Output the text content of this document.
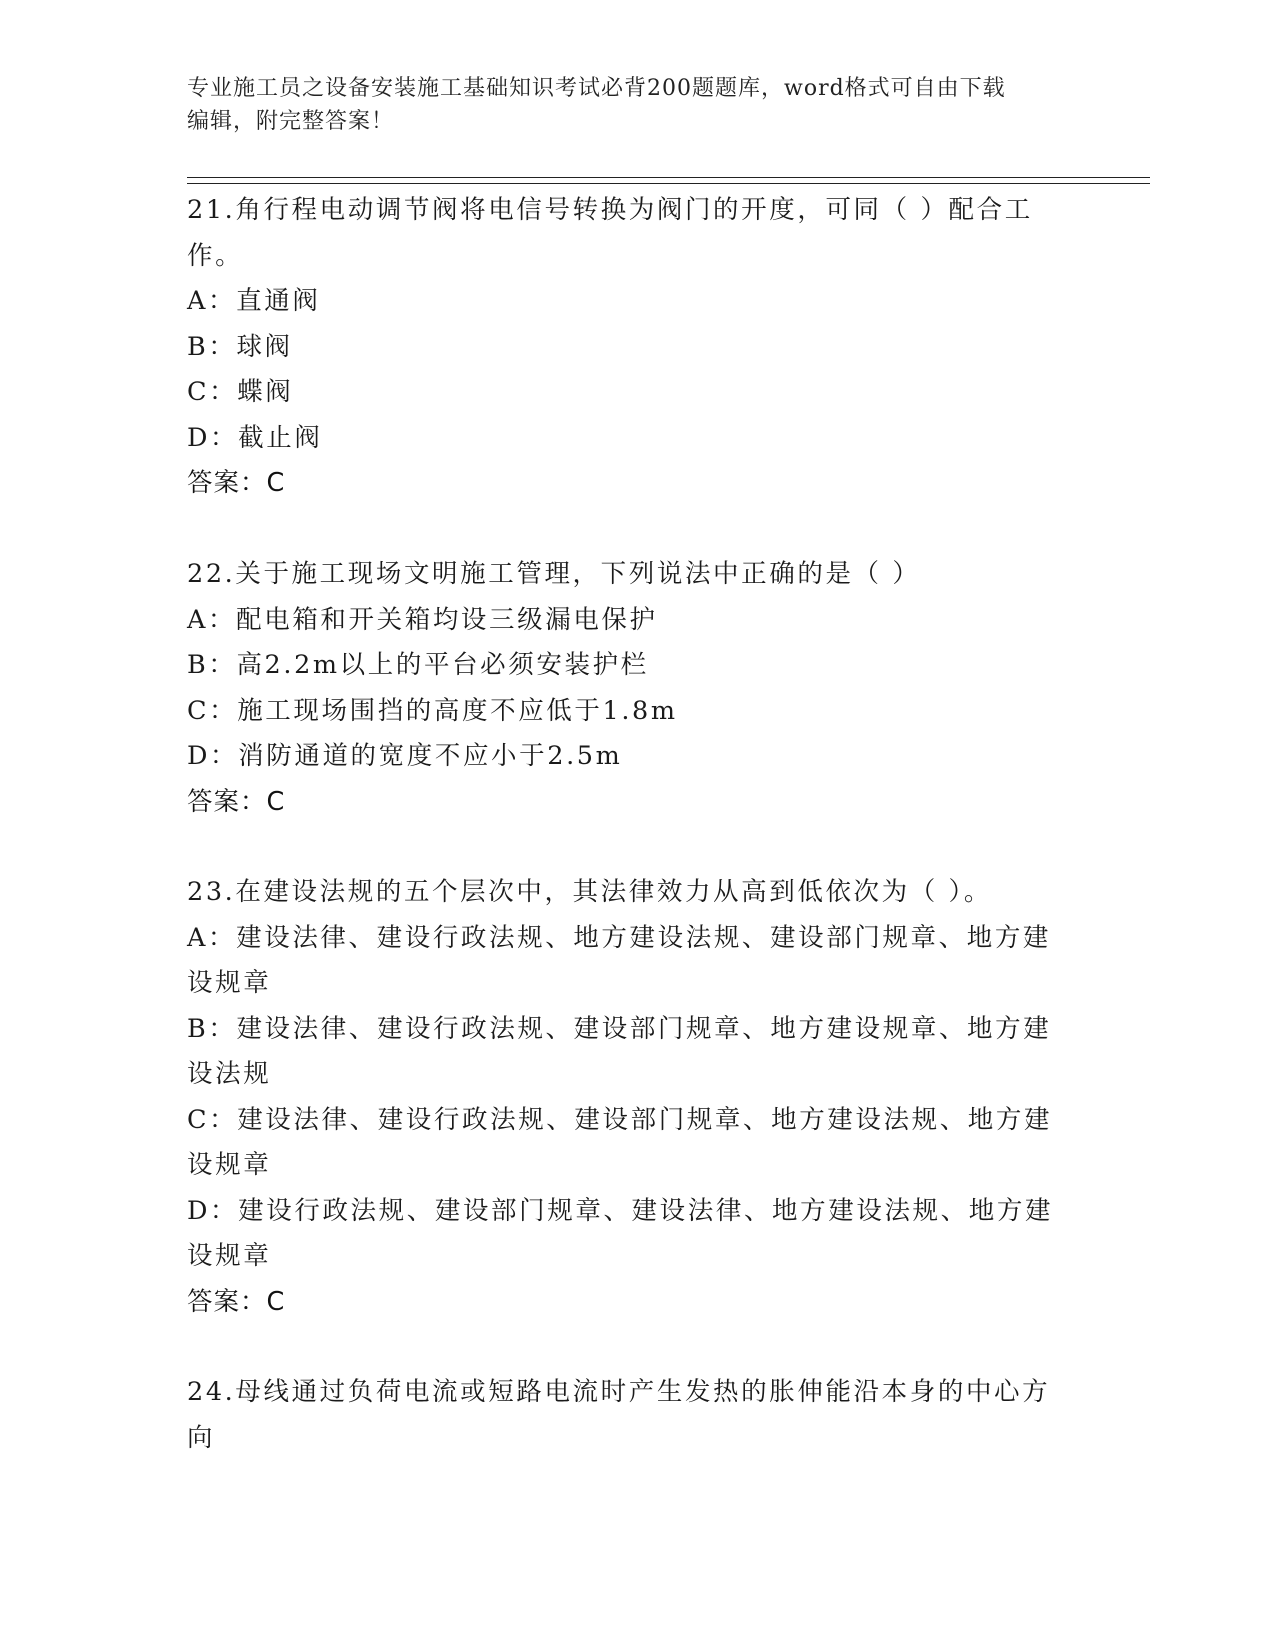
专业施工员之设备安装施工基础知识考试必背200题题库，word格式可自由下载
编辑，附完整答案！
21.角行程电动调节阀将电信号转换为阀门的开度，可同（ ）配合工作。
A：直通阀
B：球阀
C：蝶阀
D：截止阀
答案：C
22.关于施工现场文明施工管理，下列说法中正确的是（ ）
A：配电箱和开关箱均设三级漏电保护
B：高2.2m以上的平台必须安装护栏
C：施工现场围挡的高度不应低于1.8m
D：消防通道的宽度不应小于2.5m
答案：C
23.在建设法规的五个层次中，其法律效力从高到低依次为（ ）。
A：建设法律、建设行政法规、地方建设法规、建设部门规章、地方建设规章
B：建设法律、建设行政法规、建设部门规章、地方建设规章、地方建设法规
C：建设法律、建设行政法规、建设部门规章、地方建设法规、地方建设规章
D：建设行政法规、建设部门规章、建设法律、地方建设法规、地方建设规章
答案：C
24.母线通过负荷电流或短路电流时产生发热的胀伸能沿本身的中心方向
